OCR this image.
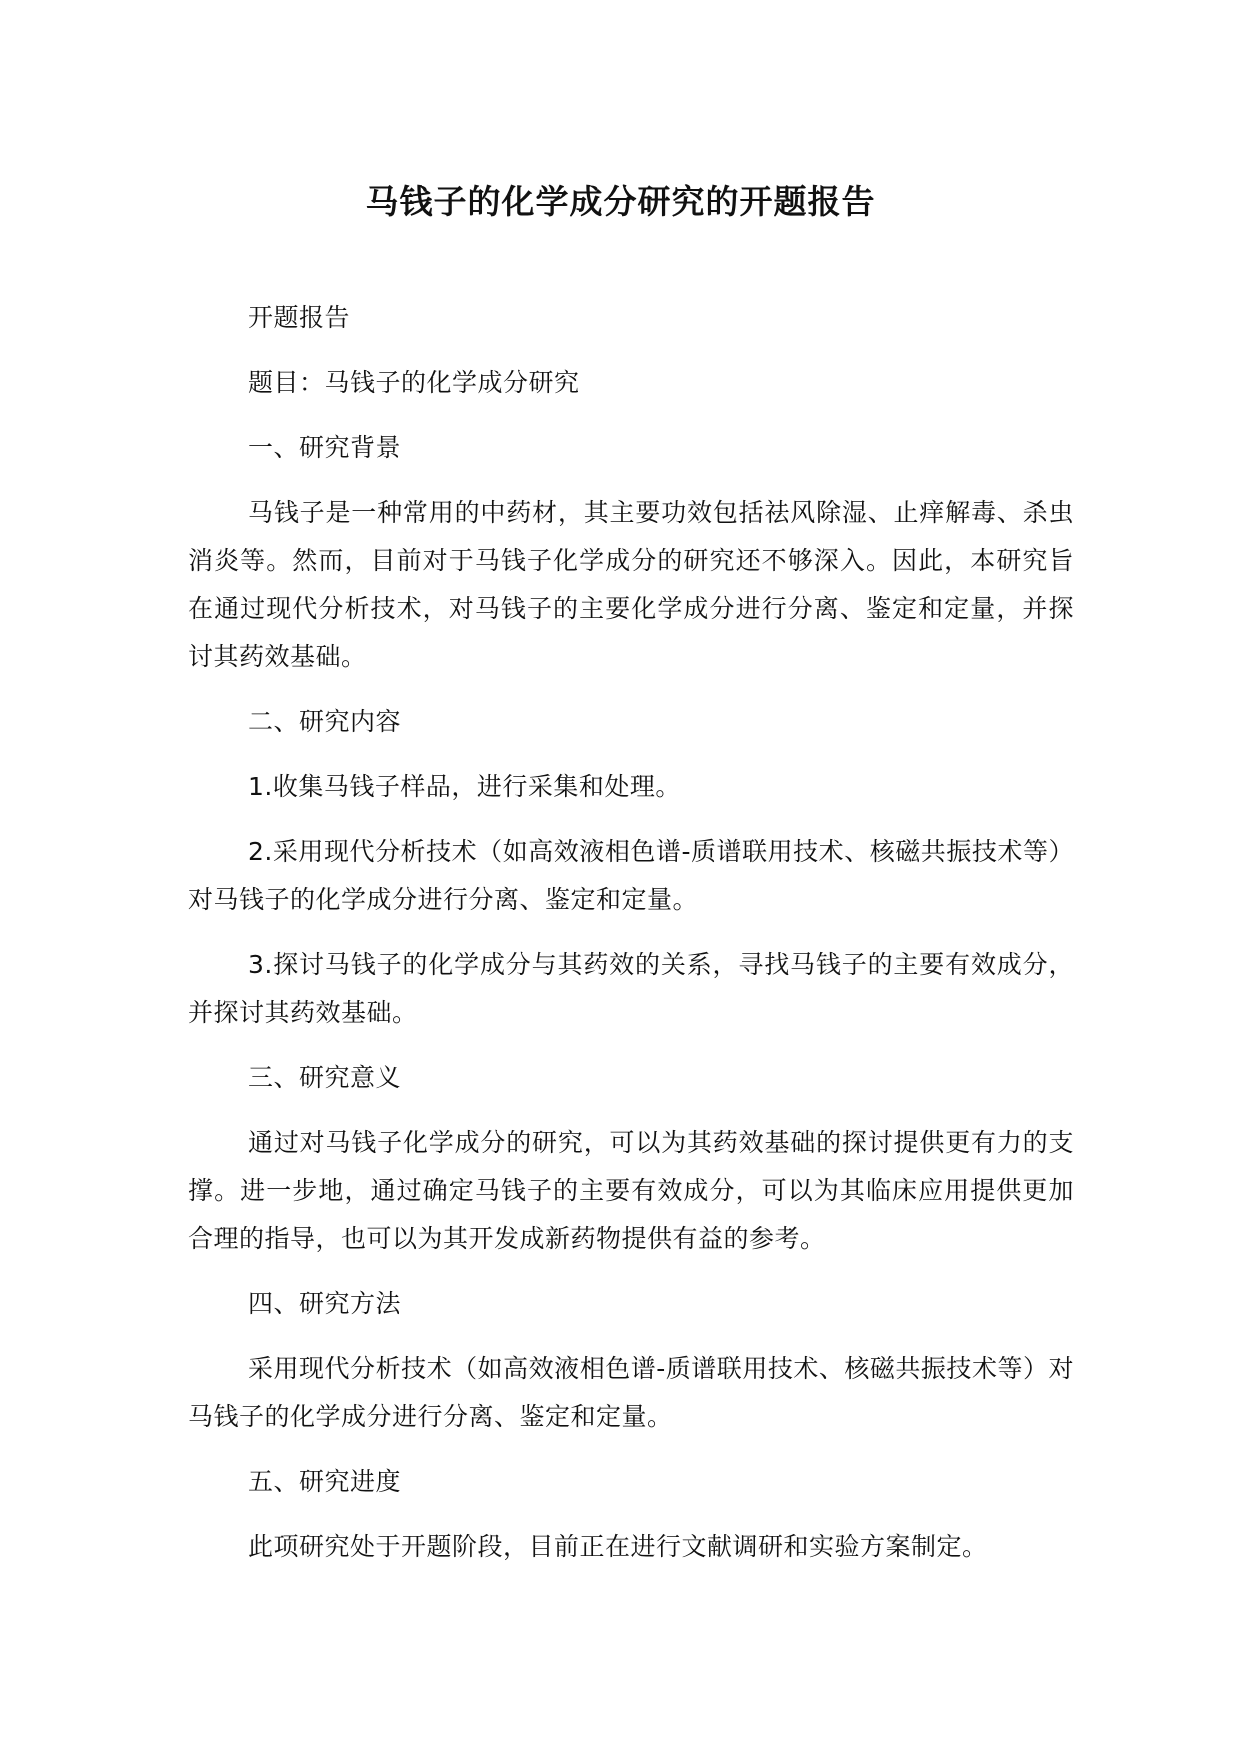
马钱子的化学成分研究的开题报告

开题报告

题目：马钱子的化学成分研究

一、研究背景

马钱子是一种常用的中药材，其主要功效包括祛风除湿、止痒解毒、杀虫消炎等。然而，目前对于马钱子化学成分的研究还不够深入。因此，本研究旨在通过现代分析技术，对马钱子的主要化学成分进行分离、鉴定和定量，并探讨其药效基础。

二、研究内容

1.收集马钱子样品，进行采集和处理。

2.采用现代分析技术（如高效液相色谱-质谱联用技术、核磁共振技术等）对马钱子的化学成分进行分离、鉴定和定量。

3.探讨马钱子的化学成分与其药效的关系，寻找马钱子的主要有效成分，并探讨其药效基础。

三、研究意义

通过对马钱子化学成分的研究，可以为其药效基础的探讨提供更有力的支撑。进一步地，通过确定马钱子的主要有效成分，可以为其临床应用提供更加合理的指导，也可以为其开发成新药物提供有益的参考。

四、研究方法

采用现代分析技术（如高效液相色谱-质谱联用技术、核磁共振技术等）对马钱子的化学成分进行分离、鉴定和定量。

五、研究进度

此项研究处于开题阶段，目前正在进行文献调研和实验方案制定。
